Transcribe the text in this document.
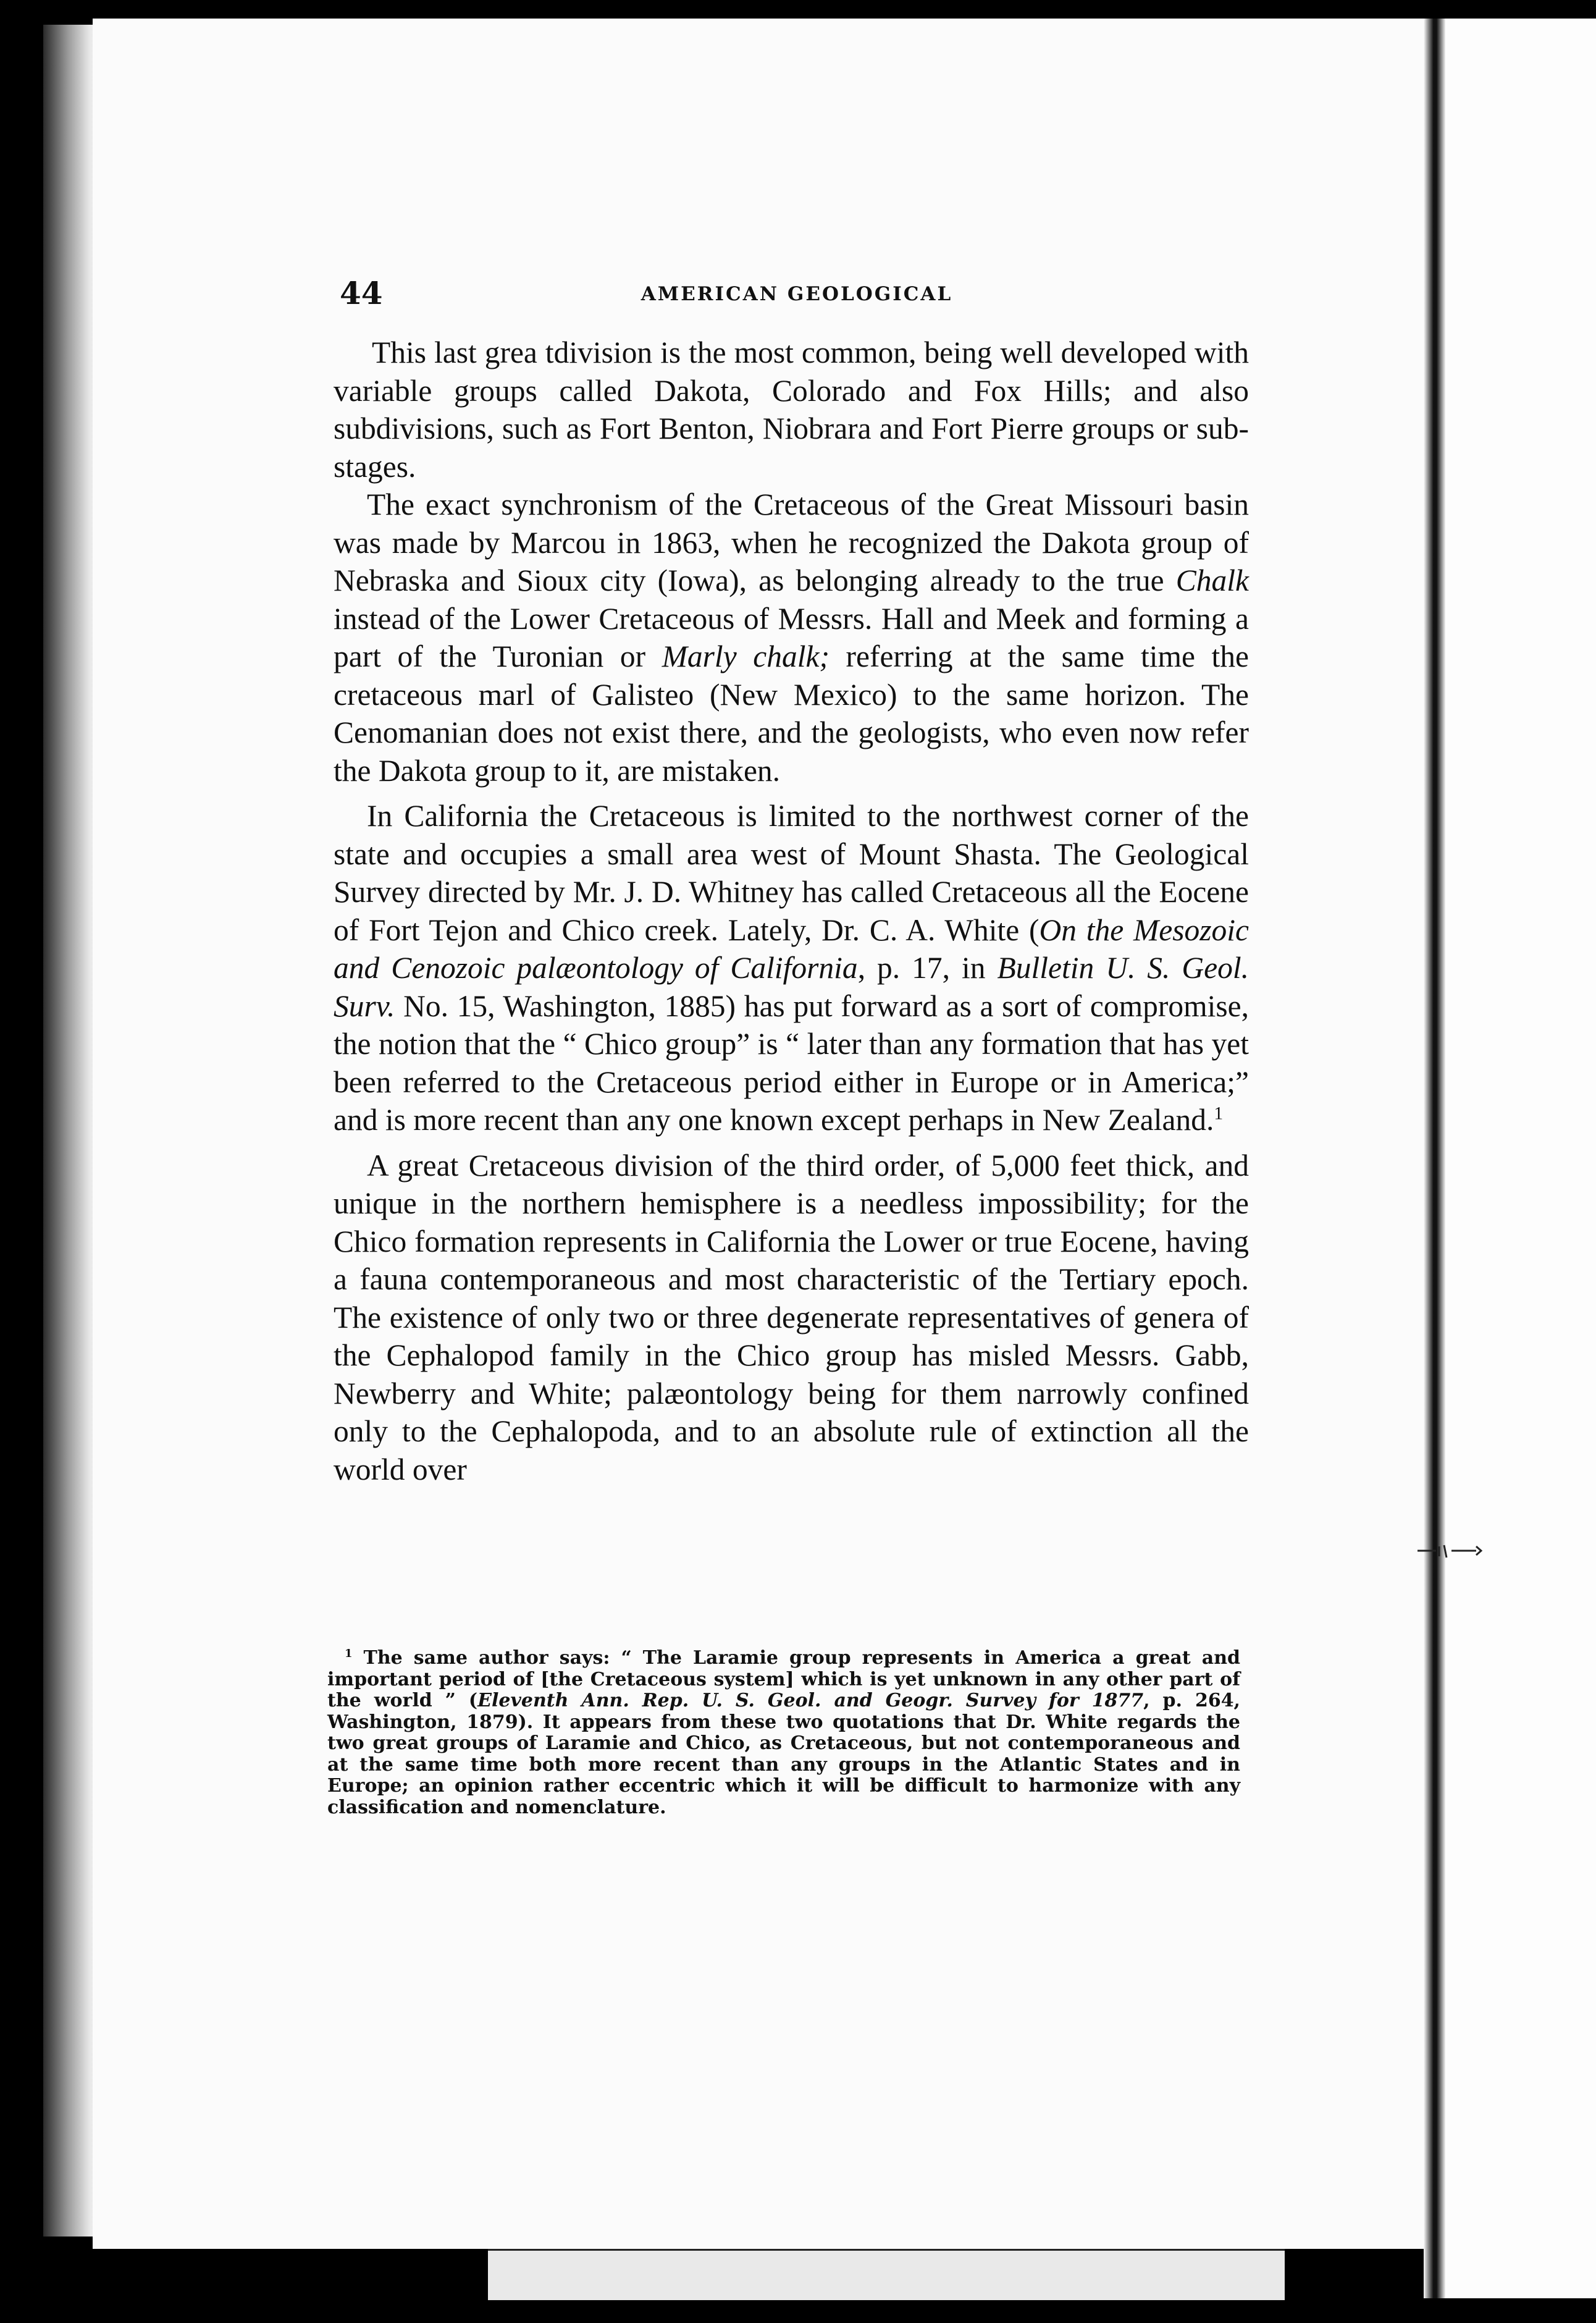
44	AMERICAN GEOLOGICAL

This last grea tdivision is the most common, being well developed with variable groups called Dakota, Colorado and Fox Hills; and also subdivisions, such as Fort Benton, Niobrara and Fort Pierre groups or sub-stages.

The exact synchronism of the Cretaceous of the Great Missouri basin was made by Marcou in 1863, when he recognized the Dakota group of Nebraska and Sioux city (Iowa), as belonging already to the true Chalk instead of the Lower Cretaceous of Messrs. Hall and Meek and forming a part of the Turonian or Marly chalk; referring at the same time the cretaceous marl of Galisteo (New Mexico) to the same horizon. The Cenomanian does not exist there, and the geologists, who even now refer the Dakota group to it, are mistaken.

In California the Cretaceous is limited to the northwest corner of the state and occupies a small area west of Mount Shasta. The Geological Survey directed by Mr. J. D. Whitney has called Cretaceous all the Eocene of Fort Tejon and Chico creek. Lately, Dr. C. A. White (On the Mesozoic and Cenozoic palæontology of California, p. 17, in Bulletin U. S. Geol. Surv. No. 15, Washington, 1885) has put forward as a sort of compromise, the notion that the “ Chico group” is “ later than any formation that has yet been referred to the Cretaceous period either in Europe or in America;” and is more recent than any one known except perhaps in New Zealand.$^1$

A great Cretaceous division of the third order, of 5,000 feet thick, and unique in the northern hemisphere is a needless impossibility; for the Chico formation represents in California the Lower or true Eocene, having a fauna contemporaneous and most characteristic of the Tertiary epoch. The existence of only two or three degenerate representatives of genera of the Cephalopod family in the Chico group has misled Messrs. Gabb, Newberry and White; palæontology being for them narrowly confined only to the Cephalopoda, and to an absolute rule of extinction all the world over

$^1$ The same author says: “ The Laramie group represents in America a great and important period of [the Cretaceous system] which is yet unknown in any other part of the world ” (Eleventh Ann. Rep. U. S. Geol. and Geogr. Survey for 1877, p. 264, Washington, 1879). It appears from these two quotations that Dr. White regards the two great groups of Laramie and Chico, as Cretaceous, but not contemporaneous and at the same time both more recent than any groups in the Atlantic States and in Europe; an opinion rather eccentric which it will be difficult to harmonize with any classification and nomenclature.
